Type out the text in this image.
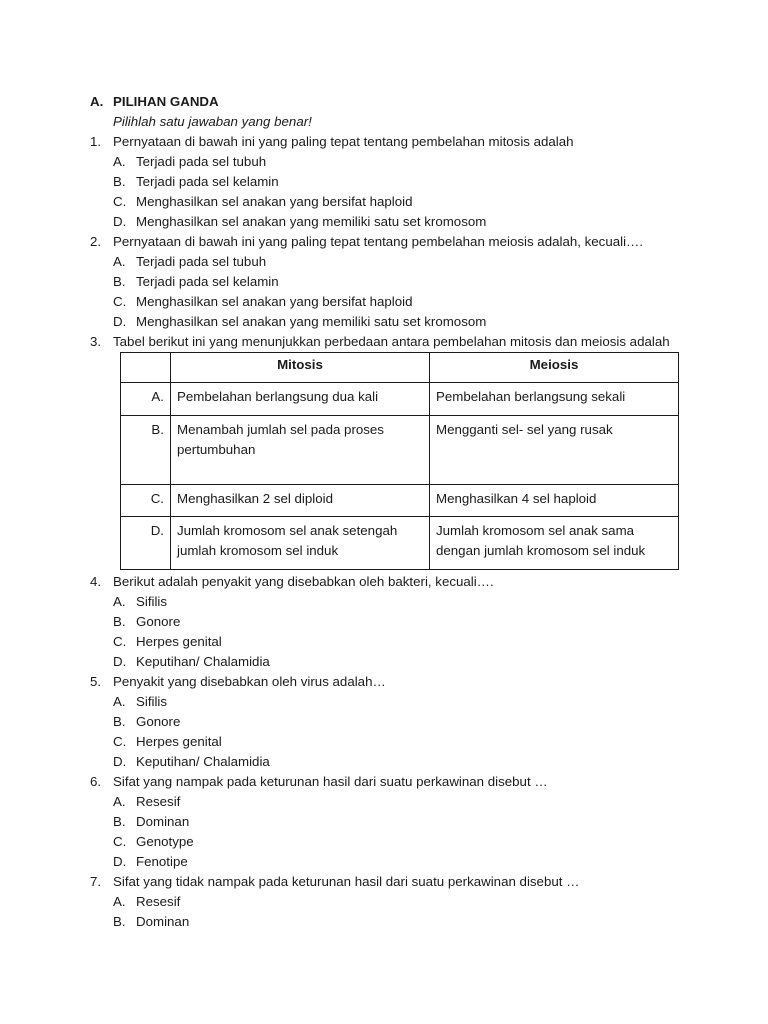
A. PILIHAN GANDA
Pilihlah satu jawaban yang benar!
1. Pernyataan di bawah ini yang paling tepat tentang pembelahan mitosis adalah
A. Terjadi pada sel tubuh
B. Terjadi pada sel kelamin
C. Menghasilkan sel anakan yang bersifat haploid
D. Menghasilkan sel anakan yang memiliki satu set kromosom
2. Pernyataan di bawah ini yang paling tepat tentang pembelahan meiosis adalah, kecuali….
A. Terjadi pada sel tubuh
B. Terjadi pada sel kelamin
C. Menghasilkan sel anakan yang bersifat haploid
D. Menghasilkan sel anakan yang memiliki satu set kromosom
3. Tabel berikut ini yang menunjukkan perbedaan antara pembelahan mitosis dan meiosis adalah
	Mitosis	Meiosis
A.	Pembelahan berlangsung dua kali	Pembelahan berlangsung sekali
B.	Menambah jumlah sel pada proses pertumbuhan	Mengganti sel- sel yang rusak
C.	Menghasilkan 2 sel diploid	Menghasilkan 4 sel haploid
D.	Jumlah kromosom sel anak setengah jumlah kromosom sel induk	Jumlah kromosom sel anak sama dengan jumlah kromosom sel induk
4. Berikut adalah penyakit yang disebabkan oleh bakteri, kecuali….
A. Sifilis
B. Gonore
C. Herpes genital
D. Keputihan/ Chalamidia
5. Penyakit yang disebabkan oleh virus adalah…
A. Sifilis
B. Gonore
C. Herpes genital
D. Keputihan/ Chalamidia
6. Sifat yang nampak pada keturunan hasil dari suatu perkawinan disebut …
A. Resesif
B. Dominan
C. Genotype
D. Fenotipe
7. Sifat yang tidak nampak pada keturunan hasil dari suatu perkawinan disebut …
A. Resesif
B. Dominan
